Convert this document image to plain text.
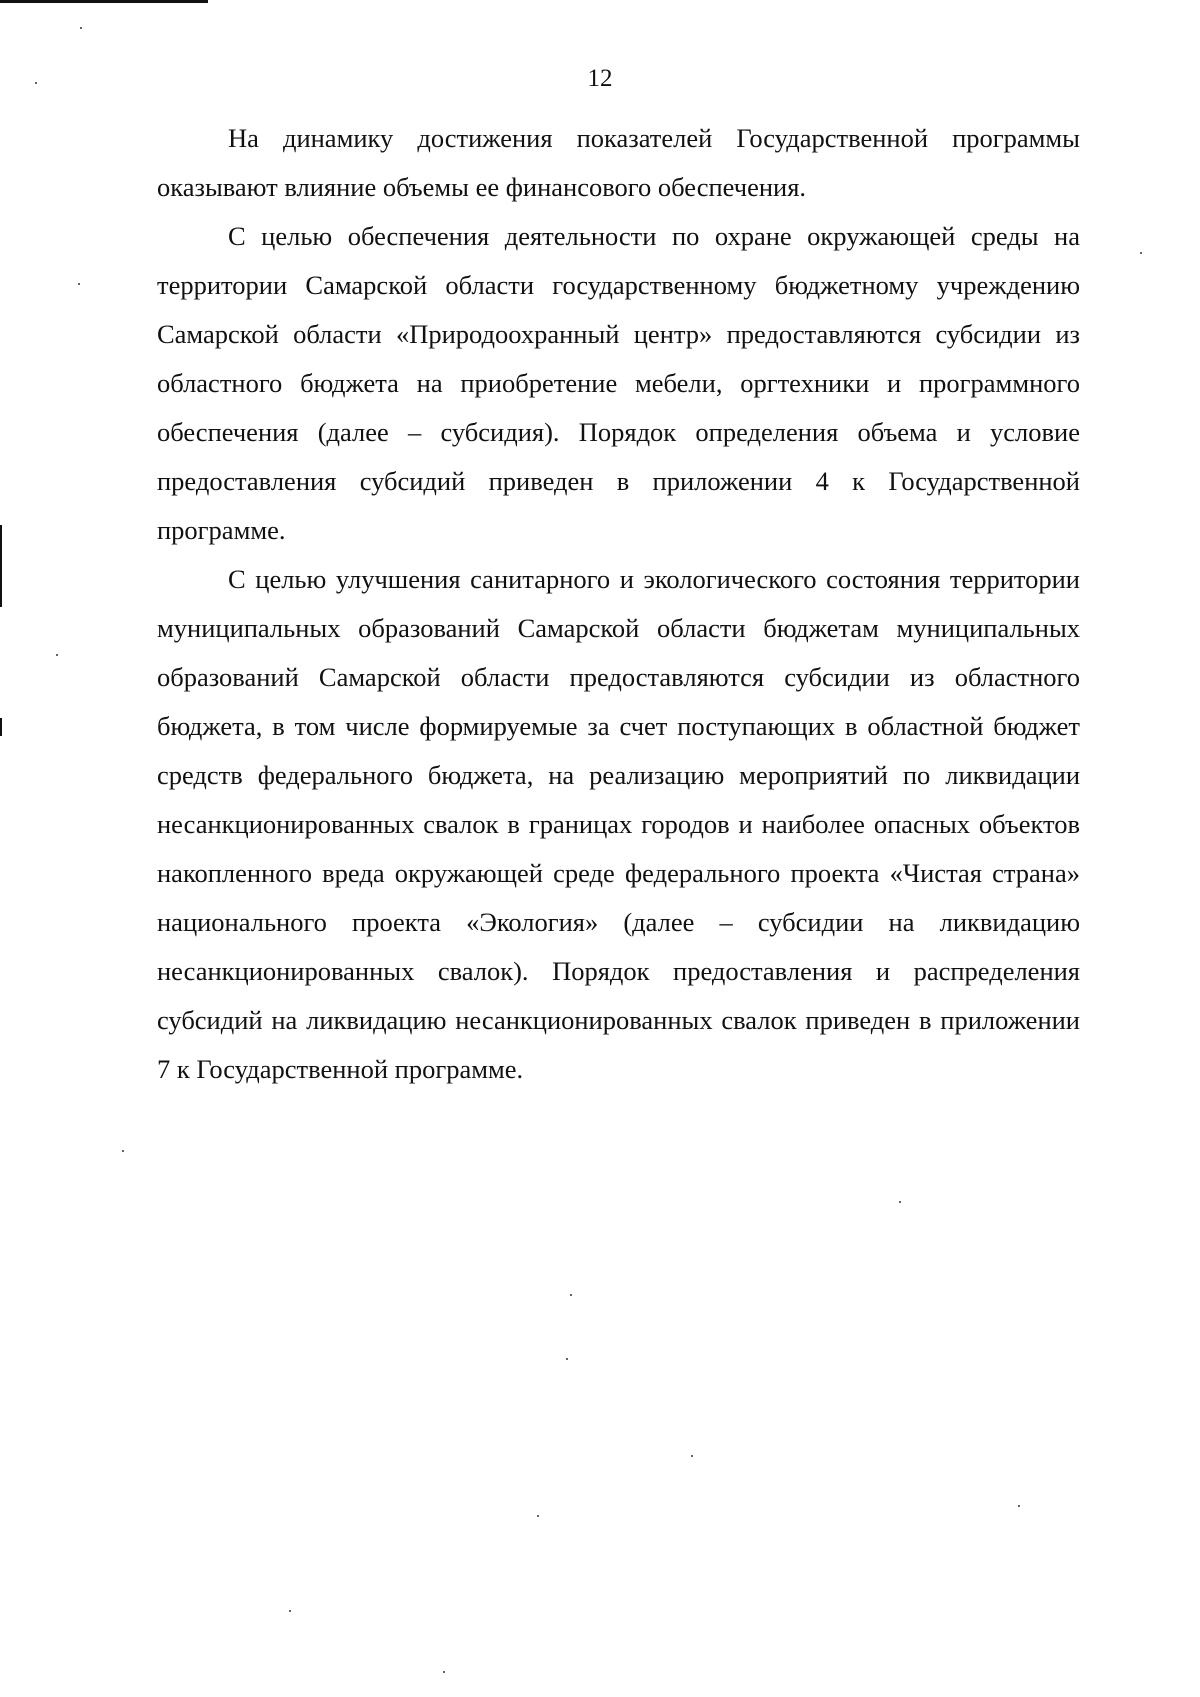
12

На динамику достижения показателей Государственной программы оказывают влияние объемы ее финансового обеспечения.

С целью обеспечения деятельности по охране окружающей среды на территории Самарской области государственному бюджетному учреждению Самарской области «Природоохранный центр» предоставляются субсидии из областного бюджета на приобретение мебели, оргтехники и программного обеспечения (далее – субсидия). Порядок определения объема и условие предоставления субсидий приведен в приложении 4 к Государственной программе.

С целью улучшения санитарного и экологического состояния территории муниципальных образований Самарской области бюджетам муниципальных образований Самарской области предоставляются субсидии из областного бюджета, в том числе формируемые за счет поступающих в областной бюджет средств федерального бюджета, на реализацию мероприятий по ликвидации несанкционированных свалок в границах городов и наиболее опасных объектов накопленного вреда окружающей среде федерального проекта «Чистая страна» национального проекта «Экология» (далее – субсидии на ликвидацию несанкционированных свалок). Порядок предоставления и распределения субсидий на ликвидацию несанкционированных свалок приведен в приложении 7 к Государственной программе.
